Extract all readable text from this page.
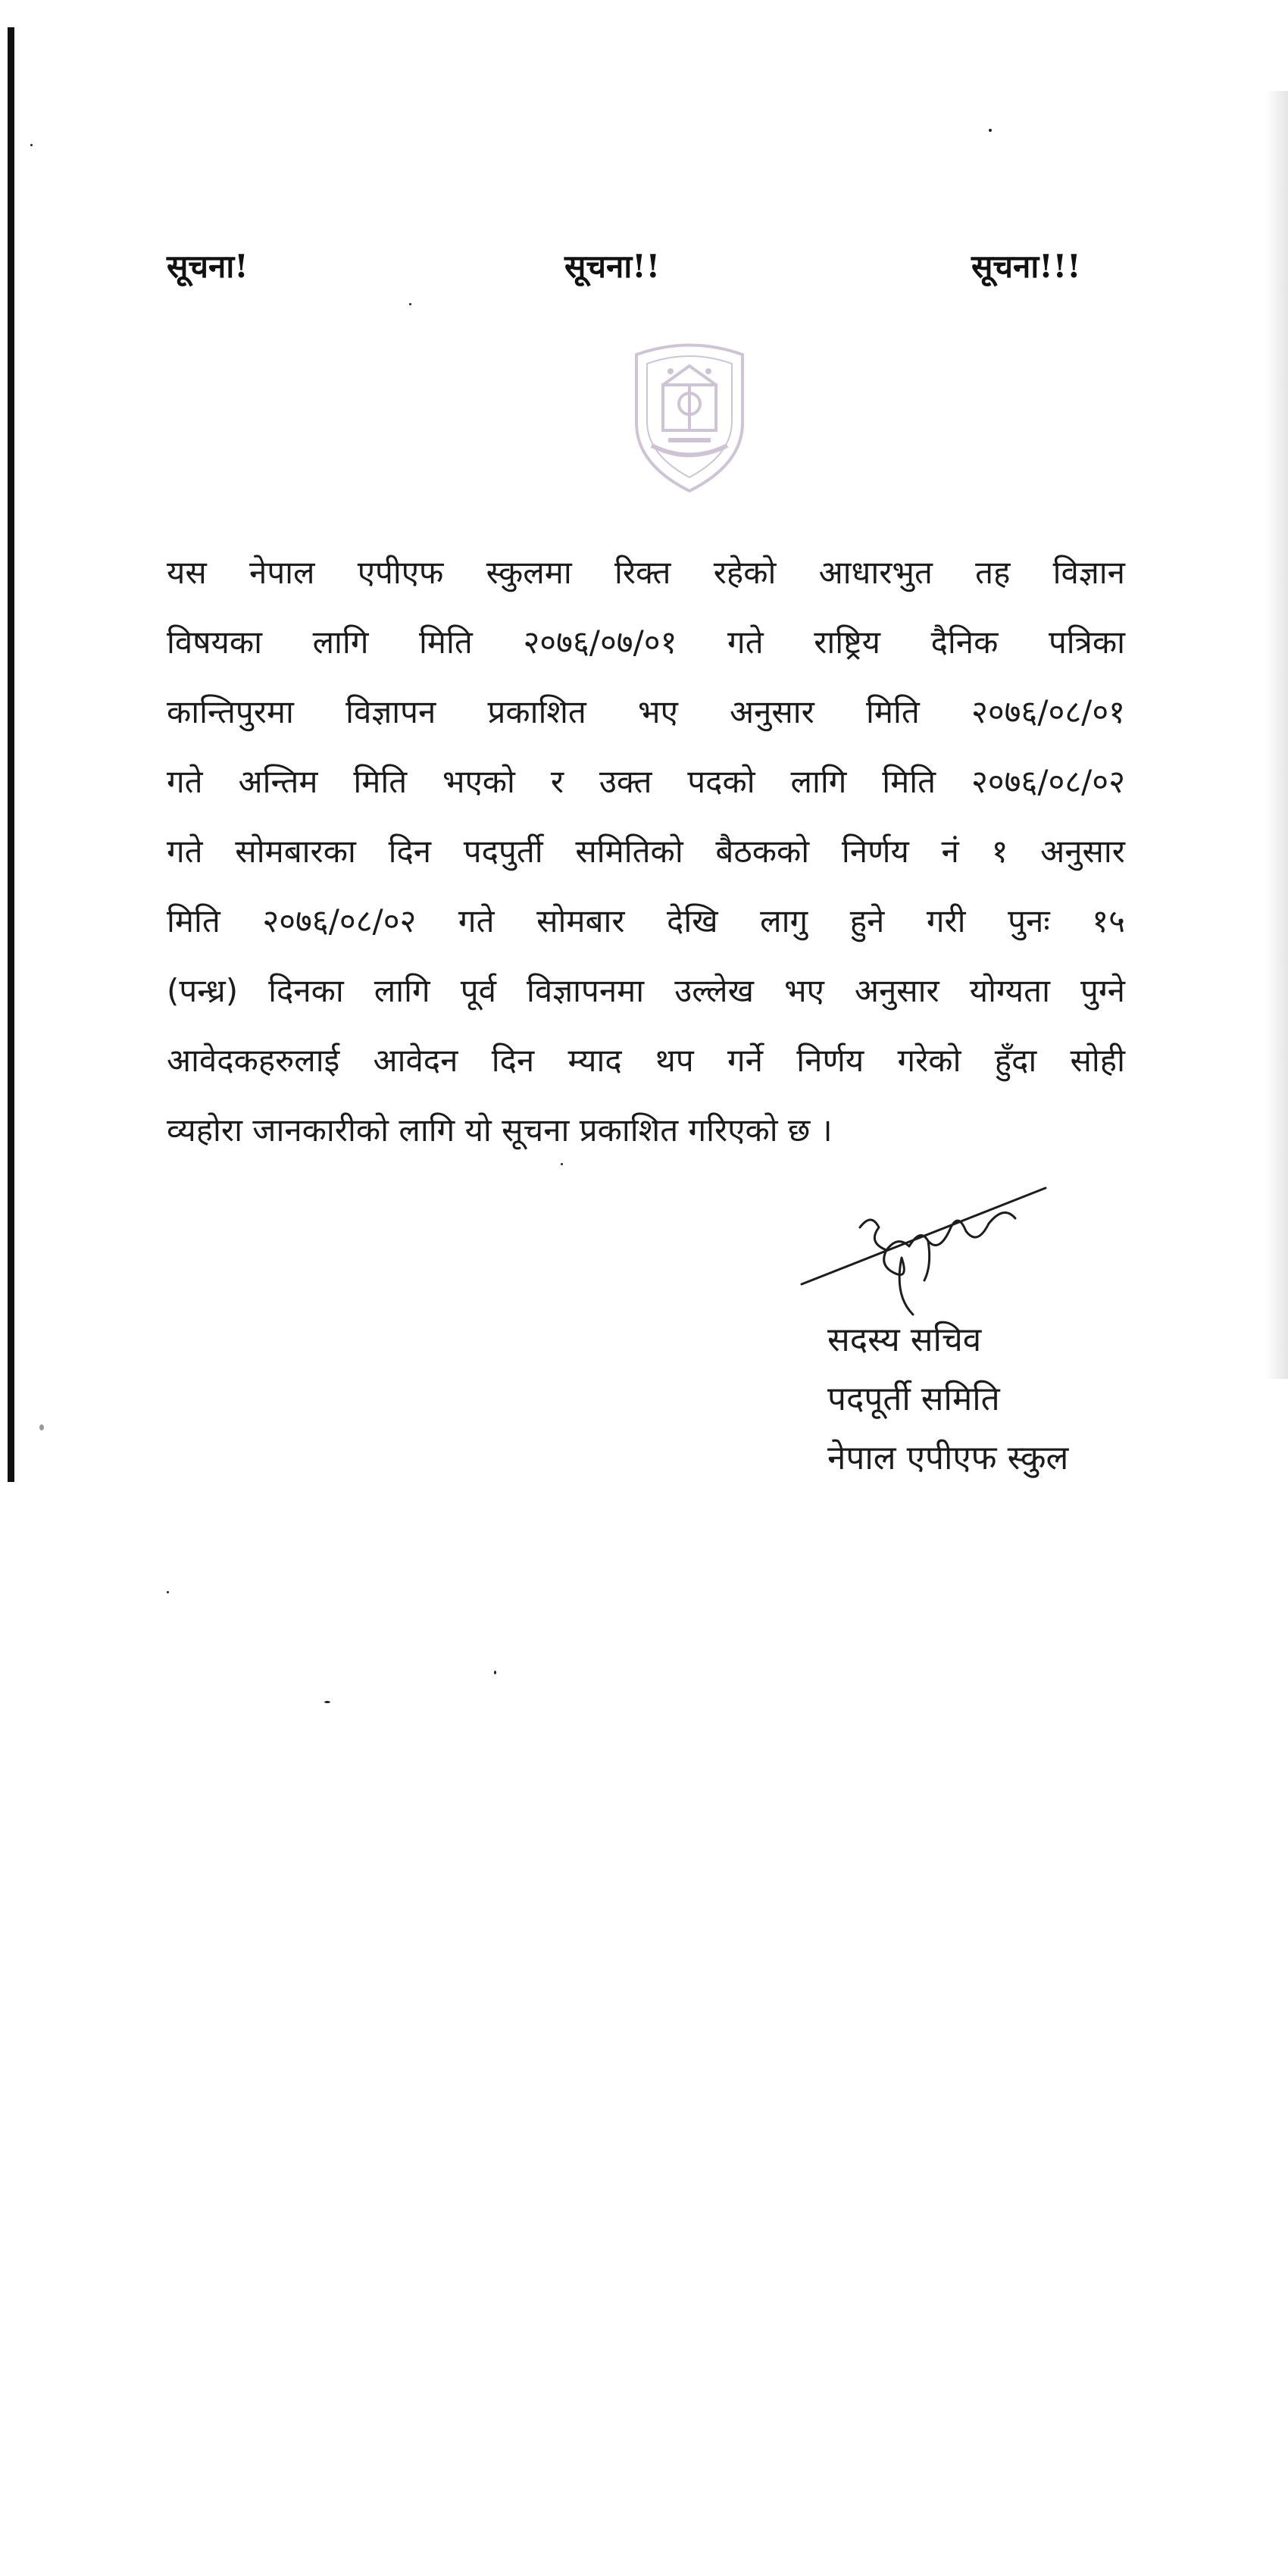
सूचना!	सूचना!!	सूचना!!!
यस नेपाल एपीएफ स्कुलमा रिक्त रहेको आधारभुत तह विज्ञान
विषयका लागि मिति २०७६/०७/०१ गते राष्ट्रिय दैनिक पत्रिका
कान्तिपुरमा विज्ञापन प्रकाशित भए अनुसार मिति २०७६/०८/०१
गते अन्तिम मिति भएको र उक्त पदको लागि मिति २०७६/०८/०२
गते सोमबारका दिन पदपुर्ती समितिको बैठकको निर्णय नं १ अनुसार
मिति २०७६/०८/०२ गते सोमबार देखि लागु हुने गरी पुनः १५
(पन्ध्र) दिनका लागि पूर्व विज्ञापनमा उल्लेख भए अनुसार योग्यता पुग्ने
आवेदकहरुलाई आवेदन दिन म्याद थप गर्ने निर्णय गरेको हुँदा सोही
व्यहोरा जानकारीको लागि यो सूचना प्रकाशित गरिएको छ ।
सदस्य सचिव
पदपूर्ती समिति
नेपाल एपीएफ स्कुल
